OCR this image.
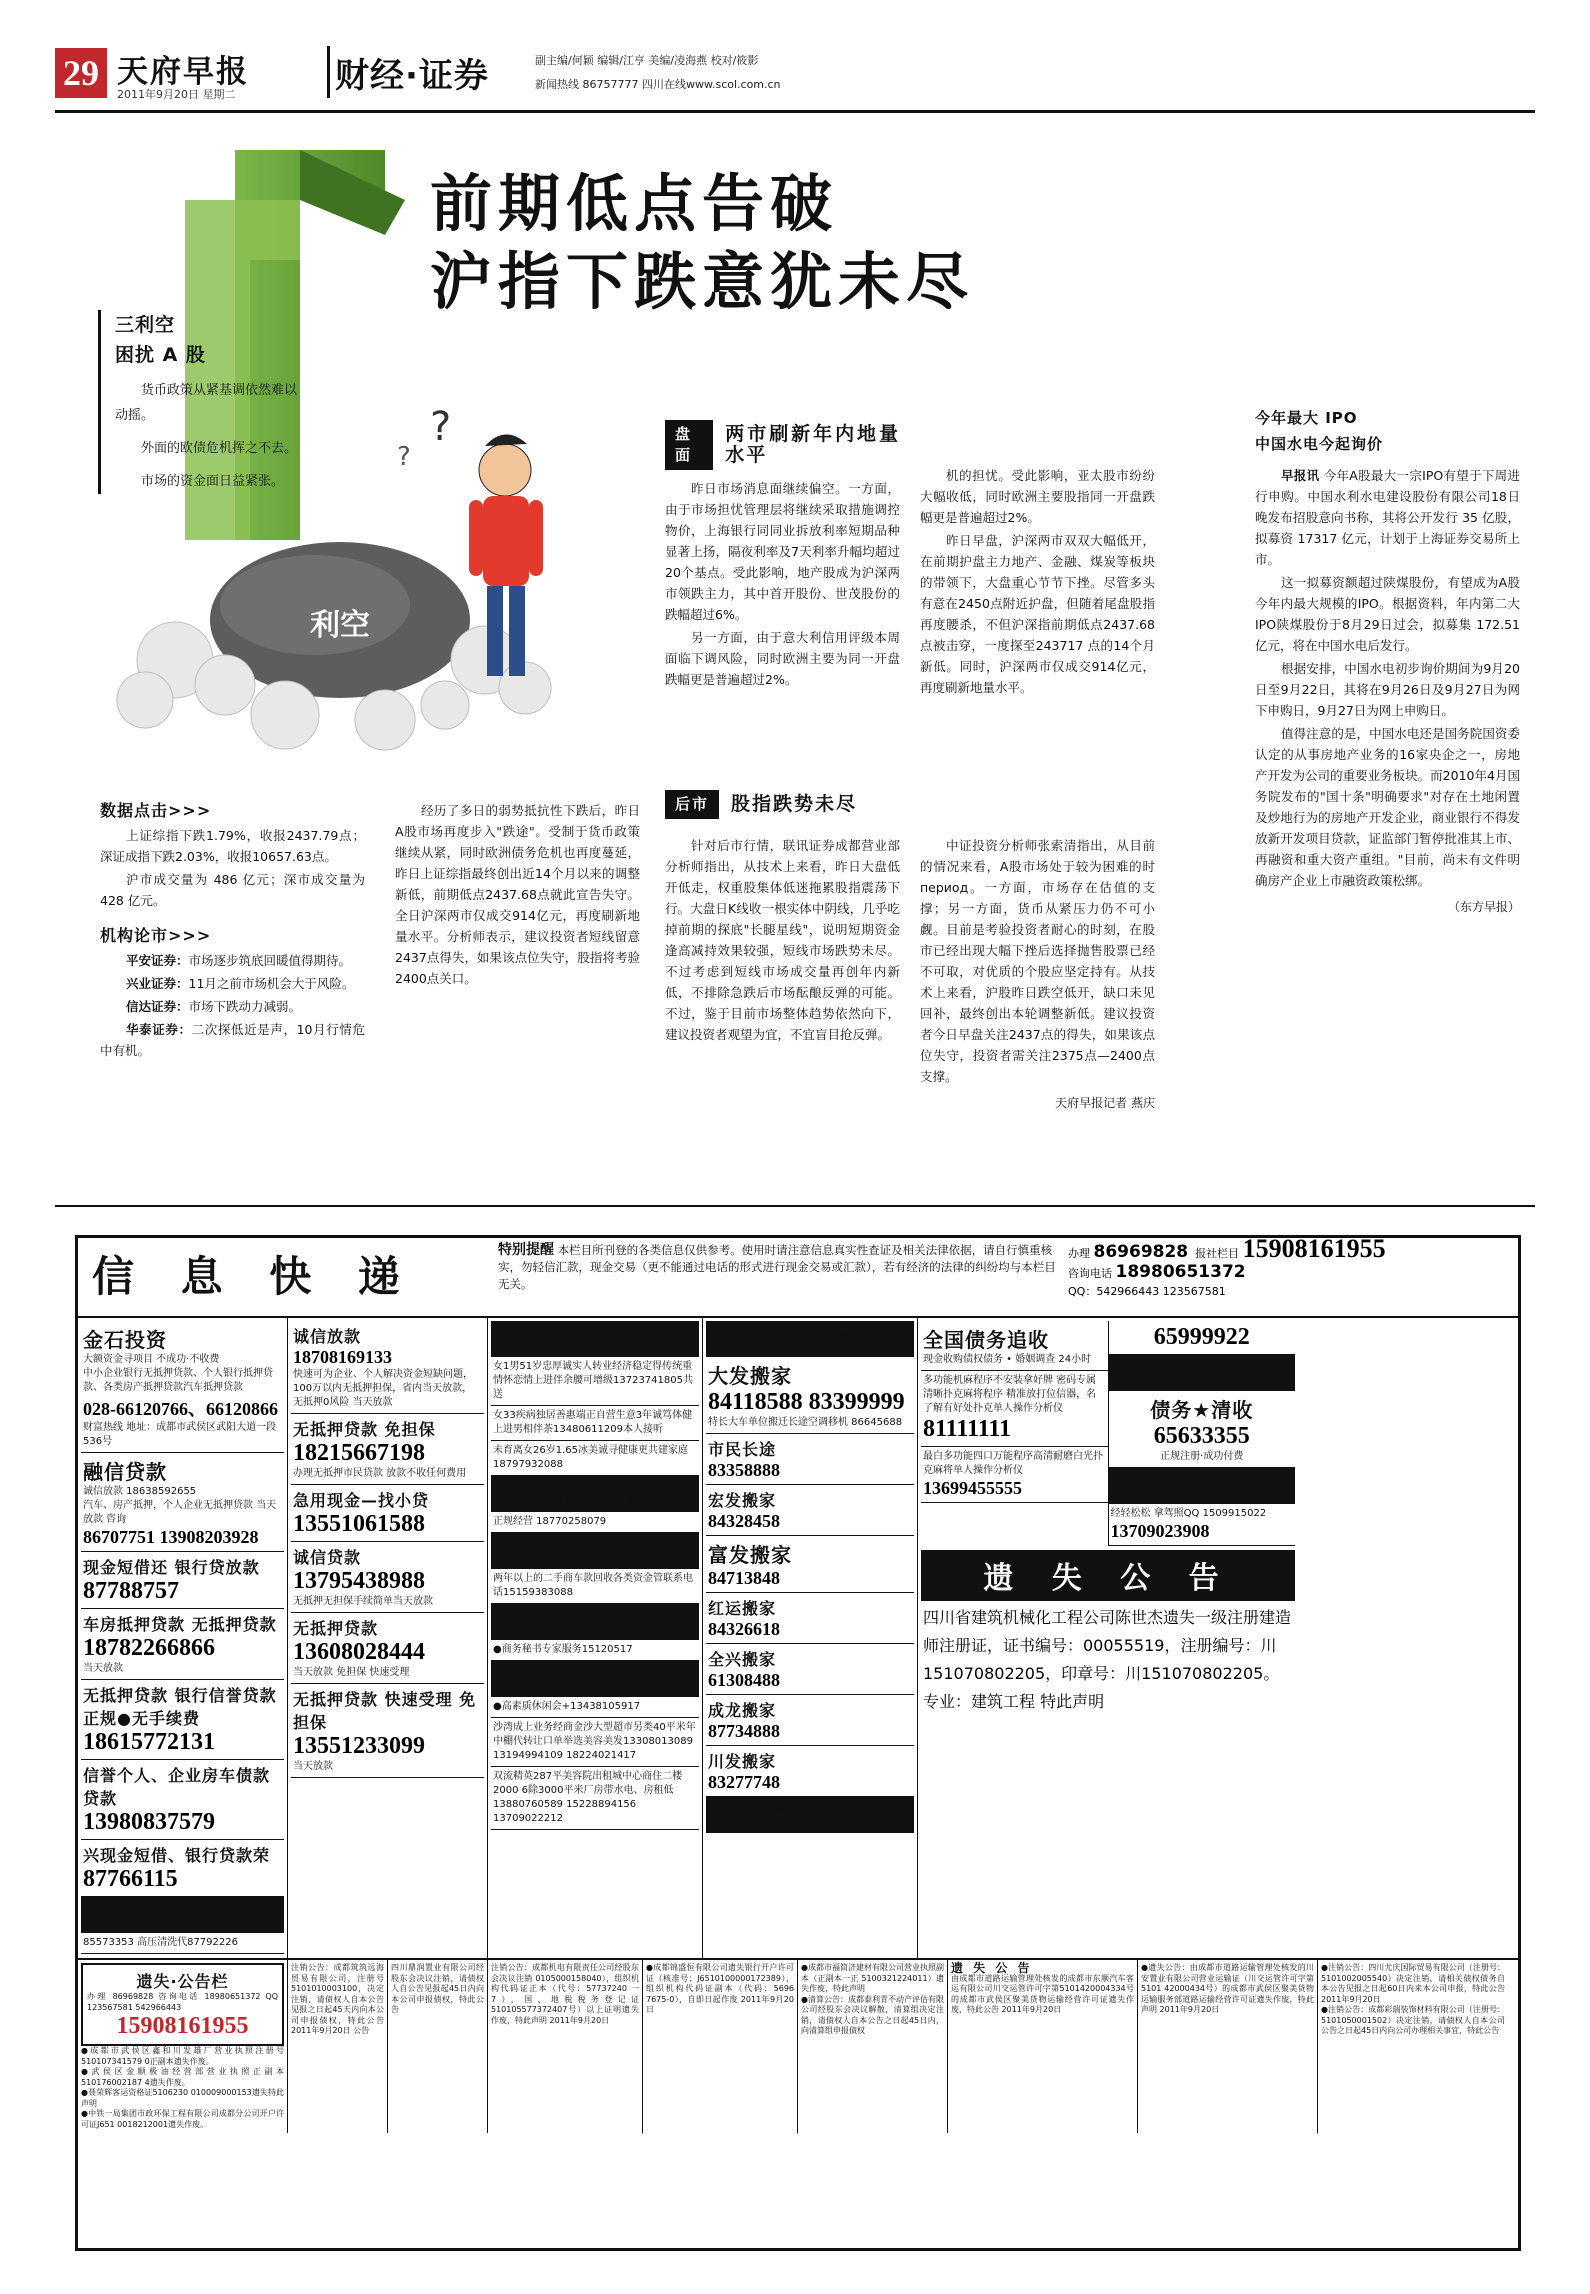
29 天府早报
2011年9月20日 星期二	财经·证券	副主编/何颖 编辑/江亨 美编/凌海燕 校对/筱影
新闻热线 86757777 四川在线www.scol.com.cn
利空
?
?
前期低点告破
沪指下跌意犹未尽
三利空
困扰 A 股
货币政策从紧基调依然难以动摇。
外面的欧债危机挥之不去。
市场的资金面日益紧张。
数据点击>>>

上证综指下跌1.79%，收报2437.79点；深证成指下跌2.03%，收报10657.63点。

沪市成交量为 486 亿元；深市成交量为 428 亿元。

机构论市>>>

平安证券：市场逐步筑底回暖值得期待。

兴业证券：11月之前市场机会大于风险。

信达证券：市场下跌动力减弱。

华泰证券：二次探低近是声，10月行情危中有机。

经历了多日的弱势抵抗性下跌后，昨日A股市场再度步入"跌途"。受制于货币政策继续从紧，同时欧洲债务危机也再度蔓延，昨日上证综指最终创出近14个月以来的调整新低，前期低点2437.68点就此宣告失守。全日沪深两市仅成交914亿元，再度刷新地量水平。分析师表示，建议投资者短线留意2437点得失，如果该点位失守，股指将考验2400点关口。

盘面
两市刷新年内地量水平

昨日市场消息面继续偏空。一方面，由于市场担忧管理层将继续采取措施调控物价，上海银行同同业拆放利率短期品种显著上扬，隔夜利率及7天利率升幅均超过20个基点。受此影响，地产股成为沪深两市领跌主力，其中首开股份、世茂股份的跌幅超过6%。

另一方面，由于意大利信用评级本周面临下调风险，同时欧洲主要为同一开盘跌幅更是普遍超过2%。

机的担忧。受此影响，亚太股市纷纷大幅收低，同时欧洲主要股指同一开盘跌幅更是普遍超过2%。

昨日早盘，沪深两市双双大幅低开，在前期护盘主力地产、金融、煤炭等板块的带领下，大盘重心节节下挫。尽管多头有意在2450点附近护盘，但随着尾盘股指再度腰杀，不但沪深指前期低点2437.68 点被击穿，一度探至243717 点的14个月新低。同时，沪深两市仅成交914亿元，再度刷新地量水平。

后市	股指跌势未尽

针对后市行情，联讯证券成都营业部分析师指出，从技术上来看，昨日大盘低开低走，权重股集体低迷拖累股指震荡下行。大盘日K线收一根实体中阴线，几乎吃掉前期的探底"长腿星线"，说明短期资金逢高减持效果较强，短线市场跌势未尽。不过考虑到短线市场成交量再创年内新低，不排除急跌后市场酝酿反弹的可能。不过，鉴于目前市场整体趋势依然向下，建议投资者观望为宜，不宜盲目抢反弹。

中证投资分析师张索清指出，从目前的情况来看，A股市场处于较为困难的时период。一方面，市场存在估值的支撑；另一方面，货币从紧压力仍不可小觑。目前是考验投资者耐心的时刻，在股市已经出现大幅下挫后选择抛售股票已经不可取，对优质的个股应坚定持有。从技术上来看，沪股昨日跌空低开，缺口未见回补，最终创出本轮调整新低。建议投资者今日早盘关注2437点的得失，如果该点位失守，投资者需关注2375点—2400点支撑。

天府早报记者 燕庆
今年最大 IPO
中国水电今起询价

早报讯 今年A股最大一宗IPO有望于下周进行申购。中国水利水电建设股份有限公司18日晚发布招股意向书称，其将公开发行 35 亿股，拟募资 17317 亿元，计划于上海证券交易所上市。

这一拟募资额超过陕煤股份，有望成为A股今年内最大规模的IPO。根据资料，年内第二大IPO陕煤股份于8月29日过会，拟募集 172.51 亿元，将在中国水电后发行。

根据安排，中国水电初步询价期间为9月20日至9月22日，其将在9月26日及9月27日为网下申购日，9月27日为网上申购日。

值得注意的是，中国水电还是国务院国资委认定的从事房地产业务的16家央企之一，房地产开发为公司的重要业务板块。而2010年4月国务院发布的"国十条"明确要求"对存在土地闲置及炒地行为的房地产开发企业，商业银行不得发放新开发项目贷款，证监部门暂停批准其上市、再融资和重大资产重组。"目前，尚未有文件明确房产企业上市融资政策松绑。

（东方早报）
信 息 快 递
特别提醒 本栏目所刊登的各类信息仅供参考。使用时请注意信息真实性查证及相关法律依据，请自行慎重核实，勿轻信汇款，现金交易（更不能通过电话的形式进行现金交易或汇款），若有经济的法律的纠纷均与本栏目无关。
办理 86969828 报社栏目 15908161955
咨询电话 18980651372
QQ：542966443 123567581
金石投资
大额资金寻项目 不成功·不收费
中小企业银行无抵押贷款、个人银行抵押贷款、各类房产抵押贷款汽车抵押贷款
028-66120766、66120866
财富热线 地址：成都市武侯区武阳大道一段536号
融信贷款
诚信放款 18638592655
汽车、房产抵押，个人企业无抵押贷款 当天放款 咨询
86707751 13908203928
现金短借还 银行贷放款
87788757
车房抵押贷款 无抵押贷款
18782266866
当天放款
无抵押贷款 银行信誉贷款 正规●无手续费
18615772131
信誉个人、企业房车债款贷款
13980837579
兴现金短借、银行贷款荣
87766115
管道疏通
85573353 高压清洗代87792226
诚信放款
18708169133
快速可为企业、个人解决资金短缺问题，100万以内无抵押担保，省内当天放款，无抵押0风险 当天放款
无抵押贷款 免担保
18215667198
办理无抵押市民贷款 放款不收任何费用
急用现金—找小贷
13551061588
诚信贷款
13795438988
无抵押无担保手续简单当天放款
无抵押贷款
13608028444
当天放款 免担保 快速受理
无抵押贷款 快速受理 免担保
13551233099
当天放款
征婚交友
女1男51岁忠厚诚实人转业经济稳定得传统重情怀恋情上进伴余腰可增级13723741805共送
女33疾病独居善惠端正自营生意3年诚笃体健上进男相伴茶13480611209本人接听
未育离女26岁1.65冰美诚寻健康更共建家庭18797932088
招商寻合作
正规经营 18770258079
收购
两年以上的二手商车款回收各类资金管联系电话15159383088
商标专利、取名
●商务秘书专家服务15120517
礼仪休闲
●高素质休闲会+13438105917
沙湾成上业务经商金沙大型超市另类40平米年中棚代转让口单举选美容美发13308013089 13194994109 18224021417
双流精英287平美容院出租城中心商住二楼2000 6除3000平米厂房带水电、房租低13880760589 15228894156 13709022212
搬家公司
大发搬家
84118588 83399999
特长大车单位搬迁长途空调移机 86645688
市民长途
83358888
宏发搬家
84328458
富发搬家
84713848
红运搬家
84326618
全兴搬家
61308488
成龙搬家
87734888
川发搬家
83277748
二 手 货
全国债务追收
现金收购债权债务 • 婚姻调查 24小时
多功能机麻程序不安装拿好牌 密码专属清晰扑克麻将程序 精准放打位信器，名了解有好处扑克单人操作分析仪
81111111
最白多功能四口万能程序高清耐磨白光扑克麻将单人操作分析仪
13699455555
65999922
律师服务
债务★清收
65633355
正规注册·成功付费
驾校招生
经轻松松 拿驾照QQ 1509915022
13709023908
遗 失 公 告
四川省建筑机械化工程公司陈世杰遗失一级注册建造师注册证，证书编号：00055519，注册编号：川151070802205，印章号：川151070802205。专业：建筑工程 特此声明
遗失·公告栏
办理 86969828 咨询电话 18980651372 QQ 123567581 542966443
15908161955
●成都市武侯区鑫和川发雄厂营业执照注册号510107341579 0正副本遗失作废。
●武侯区金顺极油经营部营业执照正副本510176002187 4遗失作废。
●聂荣辉客运资格证5106230 010009000153遗失特此声明
●中铁一局集团市政环保工程有限公司成都分公司开户许可证J651 0018212001遗失作废。
注销公告：成都筑筑远海贸易有限公司，注册号5101010003100，决定注销，请债权人自本公告见报之日起45天内向本公司申报债权，特此公告 2011年9月20日 公告
四川鼎润置业有限公司经股东会决议注销，请债权人自公告见报起45日内向本公司申报债权，特此公告
注销公告：成都机电有限责任公司经股东会决议注销 0105000158040），组织机构代码证正本（代号：57737240 一7），国、地税税务登记证510105577372407号）以上证明遗失作废，特此声明 2011年9月20日
●成都锦盛恒有限公司遗失银行开户许可证（核准号：J6510100000172389），组织机构代码证副本（代码：5696 7675-0），自即日起作废 2011年9月20日
●成都市福简济建材有限公司营业执照副本（正副本一正 5100321224011）遗失作废，特此声明
●清算公告：成都泰利青不动产评估有限公司经股东会决议解散，清算组决定注销，请债权人自本公告之日起45日内，向清算组申报债权
遗 失 公 告
由成都市道路运输管理处核发的成都市东顺汽车客运有限公司川交运管许可字第5101420004334号的成都市武侯区聚美货物运输经营许可证遗失作废，特此公告 2011年9月20日
●遗失公告：由成都市道路运输管理处核发的川安置业有限公司营业运输证（川交运管许可字第5101 42000434号）的成都市武侯区聚美货物运输服务部道路运输经营许可证遗失作废，特此声明 2011年9月20日
●注销公告：四川尤庆国际贸易有限公司（注册号：5101002005540）决定注销，请相关债权债务自本公告见报之日起60日内来本公司申报，特此公告 2011年9月20日
●注销公告：成都彩瑞装饰材料有限公司（注册号：5101050001502）决定注销，请债权人自本公司公告之日起45日内向公司办理相关事宜，特此公告
